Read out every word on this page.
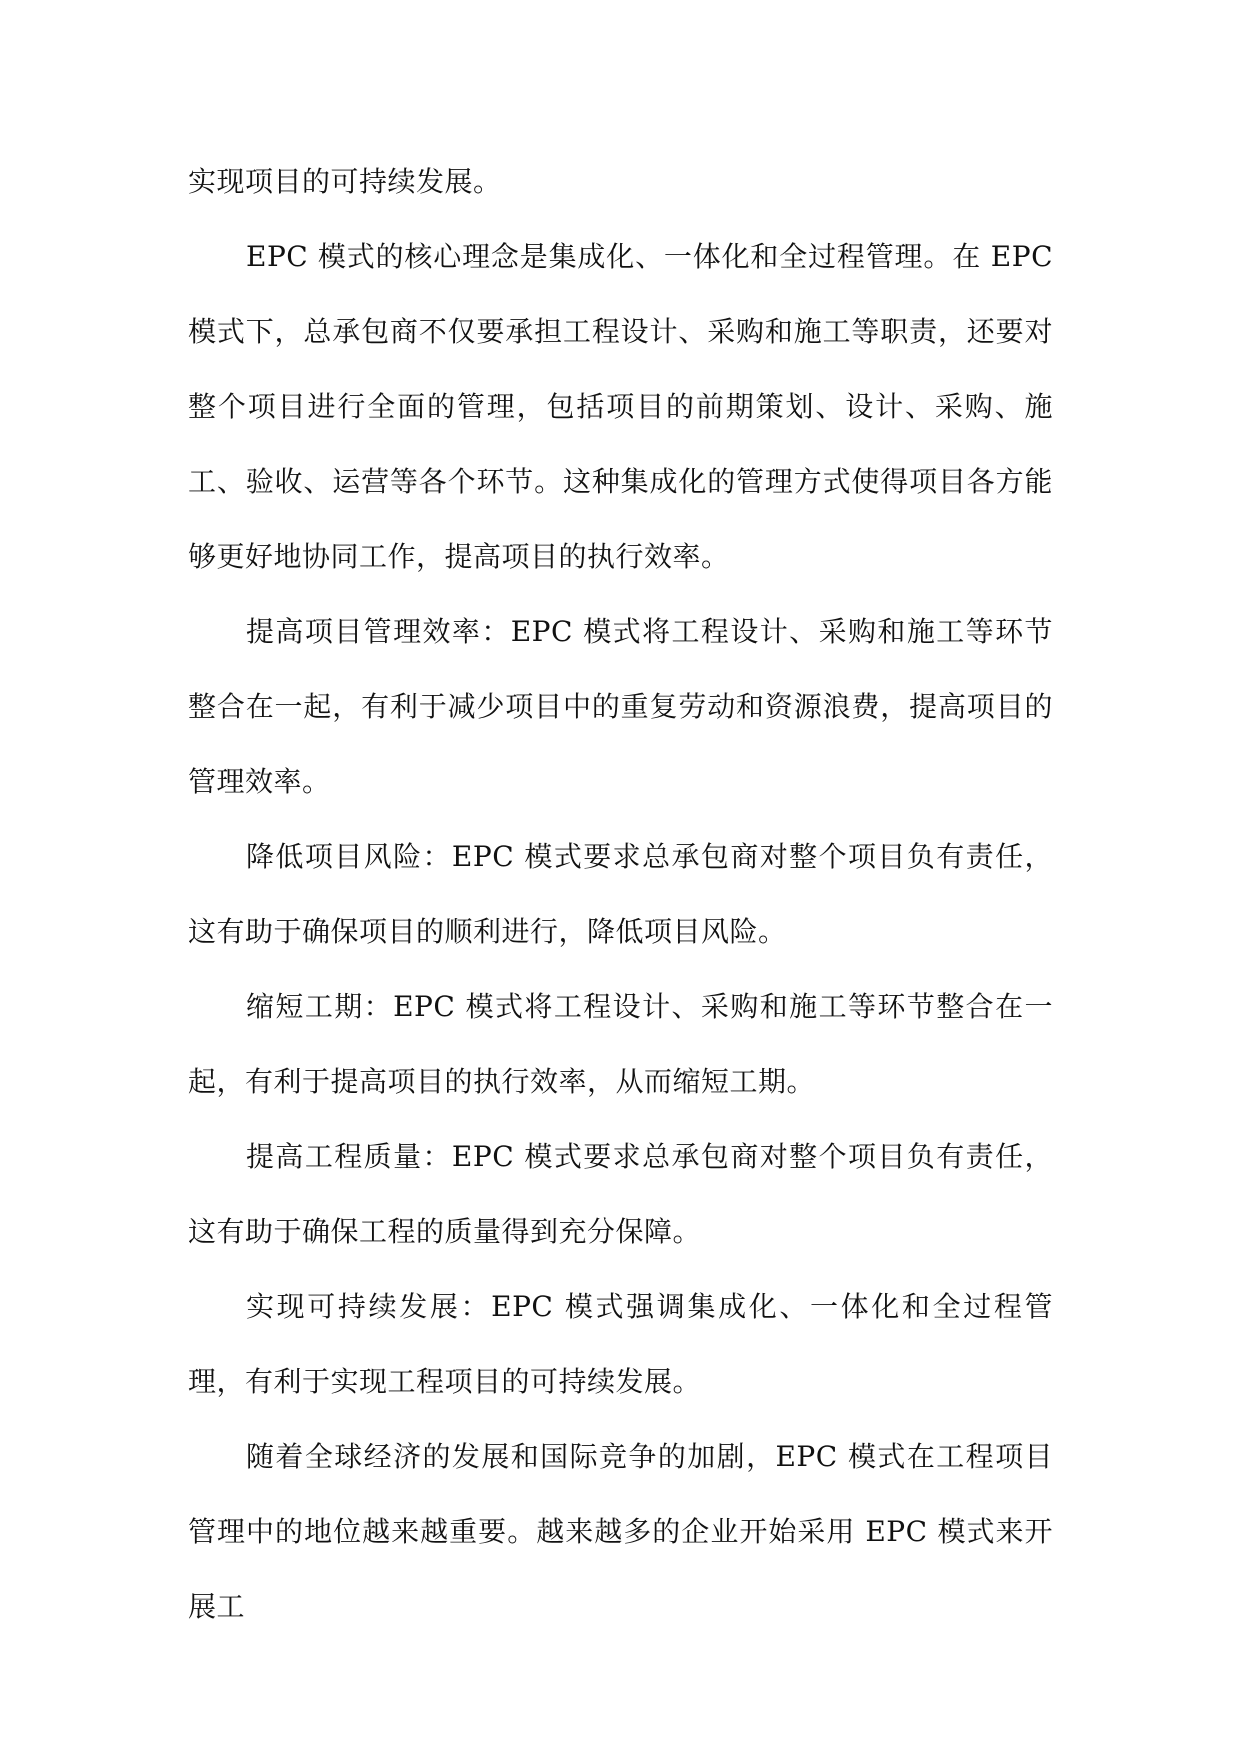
实现项目的可持续发展。

EPC 模式的核心理念是集成化、一体化和全过程管理。在 EPC 模式下，总承包商不仅要承担工程设计、采购和施工等职责，还要对整个项目进行全面的管理，包括项目的前期策划、设计、采购、施工、验收、运营等各个环节。这种集成化的管理方式使得项目各方能够更好地协同工作，提高项目的执行效率。

提高项目管理效率：EPC 模式将工程设计、采购和施工等环节整合在一起，有利于减少项目中的重复劳动和资源浪费，提高项目的管理效率。

降低项目风险：EPC 模式要求总承包商对整个项目负有责任，这有助于确保项目的顺利进行，降低项目风险。

缩短工期：EPC 模式将工程设计、采购和施工等环节整合在一起，有利于提高项目的执行效率，从而缩短工期。

提高工程质量：EPC 模式要求总承包商对整个项目负有责任，这有助于确保工程的质量得到充分保障。

实现可持续发展：EPC 模式强调集成化、一体化和全过程管理，有利于实现工程项目的可持续发展。

随着全球经济的发展和国际竞争的加剧，EPC 模式在工程项目管理中的地位越来越重要。越来越多的企业开始采用 EPC 模式来开展工
